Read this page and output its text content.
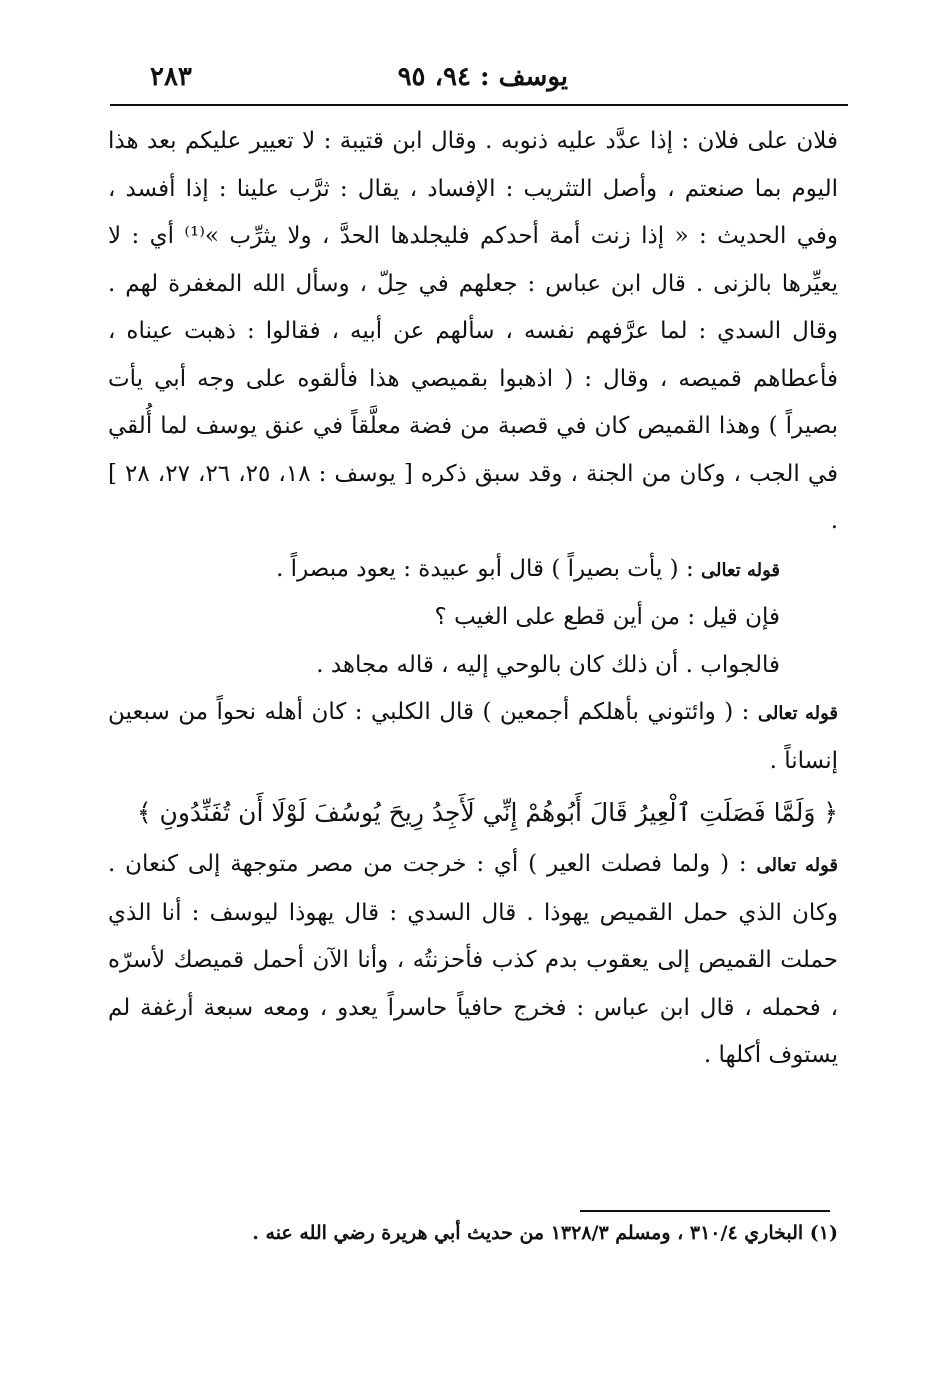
يوسف : ٩٤، ٩٥
٢٨٣

فلان على فلان : إذا عدَّد عليه ذنوبه . وقال ابن قتيبة : لا تعيير عليكم بعد هذا اليوم بما صنعتم ، وأصل التثريب : الإفساد ، يقال : ثرَّب علينا : إذا أفسد ، وفي الحديث : « إذا زنت أمة أحدكم فليجلدها الحدَّ ، ولا يثرِّب »⁽¹⁾ أي : لا يعيِّرها بالزنى . قال ابن عباس : جعلهم في حِلّ ، وسأل الله المغفرة لهم . وقال السدي : لما عرَّفهم نفسه ، سألهم عن أبيه ، فقالوا : ذهبت عيناه ، فأعطاهم قميصه ، وقال : ( اذهبوا بقميصي هذا فألقوه على وجه أبي يأت بصيراً ) وهذا القميص كان في قصبة من فضة معلَّقاً في عنق يوسف لما أُلقي في الجب ، وكان من الجنة ، وقد سبق ذكره [ يوسف : ١٨، ٢٥، ٢٦، ٢٧، ٢٨ ] .

قوله تعالى : ( يأت بصيراً ) قال أبو عبيدة : يعود مبصراً .

فإن قيل : من أين قطع على الغيب ؟

فالجواب . أن ذلك كان بالوحي إليه ، قاله مجاهد .

قوله تعالى : ( وائتوني بأهلكم أجمعين ) قال الكلبي : كان أهله نحواً من سبعين إنساناً .

﴿ وَلَمَّا فَصَلَتِ ٱلْعِيرُ قَالَ أَبُوهُمْ إِنِّي لَأَجِدُ رِيحَ يُوسُفَ لَوْلَا أَن تُفَنِّدُونِ ﴾

قوله تعالى : ( ولما فصلت العير ) أي : خرجت من مصر متوجهة إلى كنعان . وكان الذي حمل القميص يهوذا . قال السدي : قال يهوذا ليوسف : أنا الذي حملت القميص إلى يعقوب بدم كذب فأحزنتُه ، وأنا الآن أحمل قميصك لأسرّه ، فحمله ، قال ابن عباس : فخرج حافياً حاسراً يعدو ، ومعه سبعة أرغفة لم يستوف أكلها .

(١) البخاري ٣١٠/٤ ، ومسلم ١٣٢٨/٣ من حديث أبي هريرة رضي الله عنه .
